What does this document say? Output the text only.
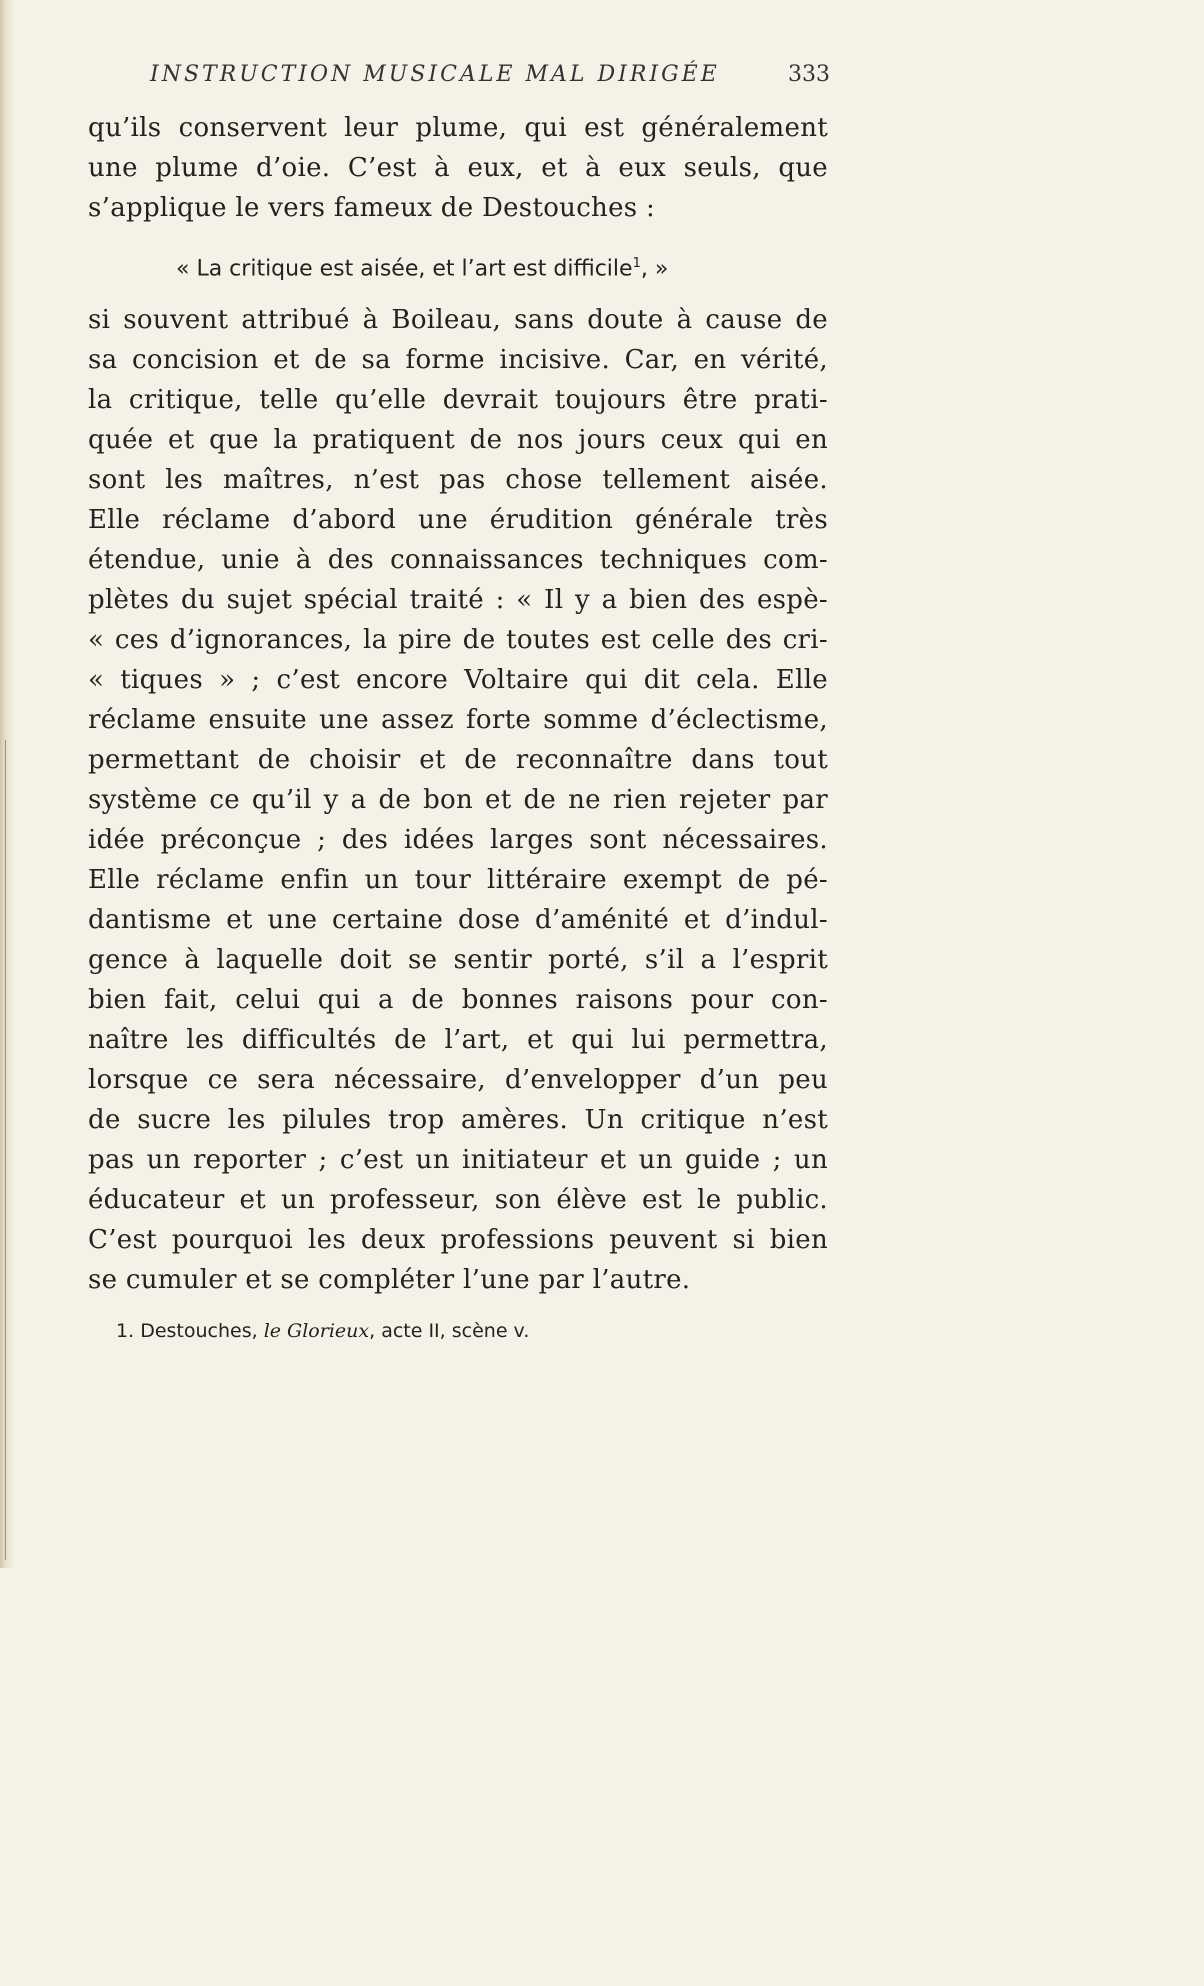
INSTRUCTION MUSICALE MAL DIRIGÉE	333
qu’ils conservent leur plume, qui est généralement
une plume d’oie. C’est à eux, et à eux seuls, que
s’applique le vers fameux de Destouches :
« La critique est aisée, et l’art est difficile$^1$, »
si souvent attribué à Boileau, sans doute à cause de
sa concision et de sa forme incisive. Car, en vérité,
la critique, telle qu’elle devrait toujours être prati-
quée et que la pratiquent de nos jours ceux qui en
sont les maîtres, n’est pas chose tellement aisée.
Elle réclame d’abord une érudition générale très
étendue, unie à des connaissances techniques com-
plètes du sujet spécial traité : « Il y a bien des espè-
« ces d’ignorances, la pire de toutes est celle des cri-
« tiques » ; c’est encore Voltaire qui dit cela. Elle
réclame ensuite une assez forte somme d’éclectisme,
permettant de choisir et de reconnaître dans tout
système ce qu’il y a de bon et de ne rien rejeter par
idée préconçue ; des idées larges sont nécessaires.
Elle réclame enfin un tour littéraire exempt de pé-
dantisme et une certaine dose d’aménité et d’indul-
gence à laquelle doit se sentir porté, s’il a l’esprit
bien fait, celui qui a de bonnes raisons pour con-
naître les difficultés de l’art, et qui lui permettra,
lorsque ce sera nécessaire, d’envelopper d’un peu
de sucre les pilules trop amères. Un critique n’est
pas un reporter ; c’est un initiateur et un guide ; un
éducateur et un professeur, son élève est le public.
C’est pourquoi les deux professions peuvent si bien
se cumuler et se compléter l’une par l’autre.
1. Destouches, le Glorieux, acte II, scène v.
